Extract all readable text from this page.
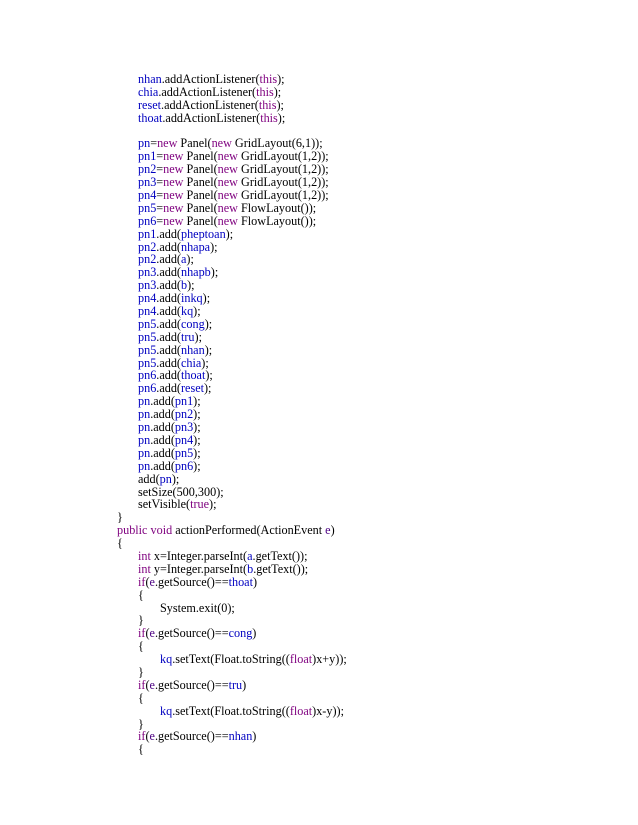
nhan.addActionListener(this);
chia.addActionListener(this);
reset.addActionListener(this);
thoat.addActionListener(this);
pn=new Panel(new GridLayout(6,1));
pn1=new Panel(new GridLayout(1,2));
pn2=new Panel(new GridLayout(1,2));
pn3=new Panel(new GridLayout(1,2));
pn4=new Panel(new GridLayout(1,2));
pn5=new Panel(new FlowLayout());
pn6=new Panel(new FlowLayout());
pn1.add(pheptoan);
pn2.add(nhapa);
pn2.add(a);
pn3.add(nhapb);
pn3.add(b);
pn4.add(inkq);
pn4.add(kq);
pn5.add(cong);
pn5.add(tru);
pn5.add(nhan);
pn5.add(chia);
pn6.add(thoat);
pn6.add(reset);
pn.add(pn1);
pn.add(pn2);
pn.add(pn3);
pn.add(pn4);
pn.add(pn5);
pn.add(pn6);
add(pn);
setSize(500,300);
setVisible(true);
}
public void actionPerformed(ActionEvent e)
{
int x=Integer.parseInt(a.getText());
int y=Integer.parseInt(b.getText());
if(e.getSource()==thoat)
{
System.exit(0);
}
if(e.getSource()==cong)
{
kq.setText(Float.toString((float)x+y));
}
if(e.getSource()==tru)
{
kq.setText(Float.toString((float)x-y));
}
if(e.getSource()==nhan)
{
